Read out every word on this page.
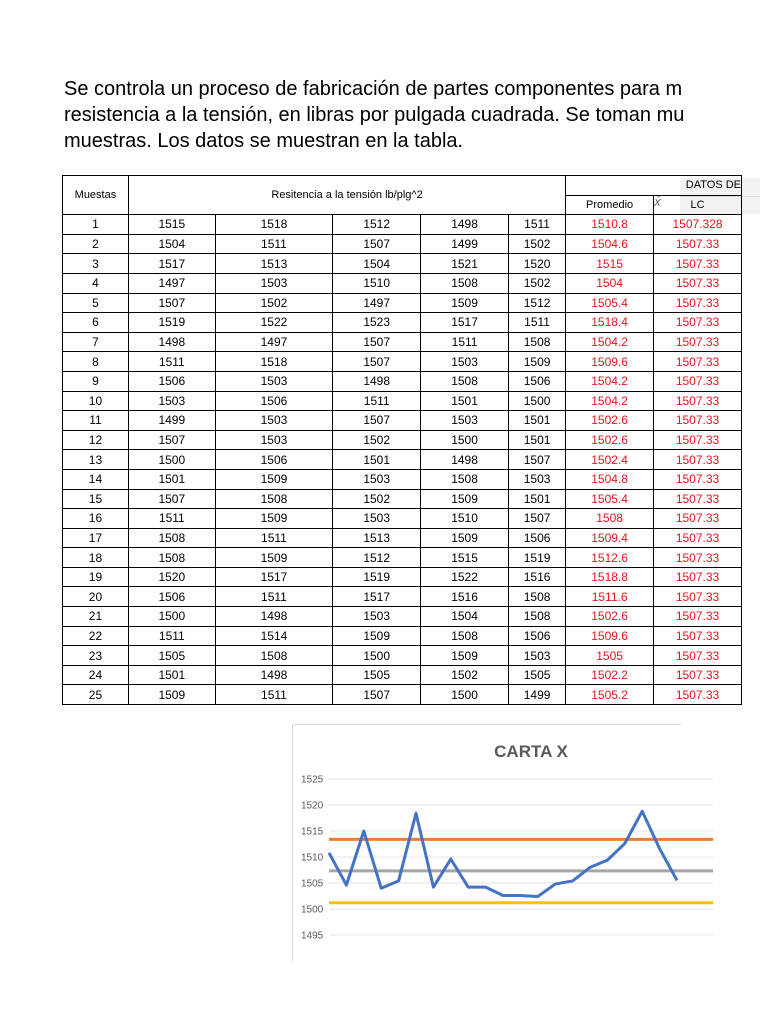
Se controla un proceso de fabricación de partes componentes para m
resistencia a la tensión, en libras por pulgada cuadrada. Se toman mu
muestras. Los datos se muestran en la tabla.
Muestas	Resitencia a la tensión lb/plg^2					DATOS DE	
						Promedio	LC
1	1515	1518	1512	1498	1511	1510.8	1507.328
2	1504	1511	1507	1499	1502	1504.6	1507.33
3	1517	1513	1504	1521	1520	1515	1507.33
4	1497	1503	1510	1508	1502	1504	1507.33
5	1507	1502	1497	1509	1512	1505.4	1507.33
6	1519	1522	1523	1517	1511	1518.4	1507.33
7	1498	1497	1507	1511	1508	1504.2	1507.33
8	1511	1518	1507	1503	1509	1509.6	1507.33
9	1506	1503	1498	1508	1506	1504.2	1507.33
10	1503	1506	1511	1501	1500	1504.2	1507.33
11	1499	1503	1507	1503	1501	1502.6	1507.33
12	1507	1503	1502	1500	1501	1502.6	1507.33
13	1500	1506	1501	1498	1507	1502.4	1507.33
14	1501	1509	1503	1508	1503	1504.8	1507.33
15	1507	1508	1502	1509	1501	1505.4	1507.33
16	1511	1509	1503	1510	1507	1508	1507.33
17	1508	1511	1513	1509	1506	1509.4	1507.33
18	1508	1509	1512	1515	1519	1512.6	1507.33
19	1520	1517	1519	1522	1516	1518.8	1507.33
20	1506	1511	1517	1516	1508	1511.6	1507.33
21	1500	1498	1503	1504	1508	1502.6	1507.33
22	1511	1514	1509	1508	1506	1509.6	1507.33
23	1505	1508	1500	1509	1503	1505	1507.33
24	1501	1498	1505	1502	1505	1502.2	1507.33
25	1509	1511	1507	1500	1499	1505.2	1507.33
X̄
CARTA X
1525
1520
1515
1510
1505
1500
1495
